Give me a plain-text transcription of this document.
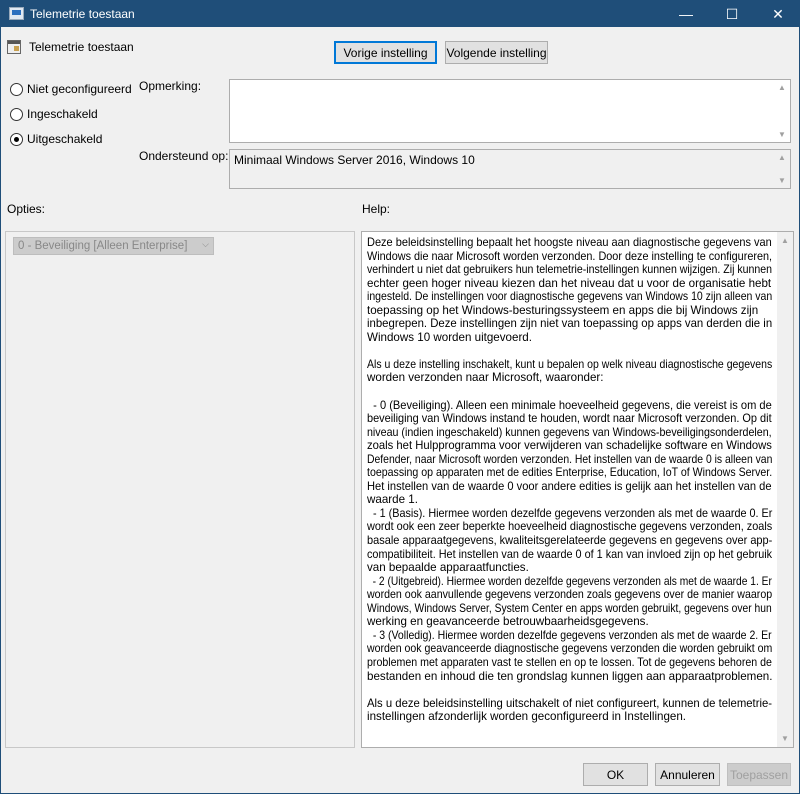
Telemetrie toestaan	—	☐	✕
Telemetrie toestaan	Vorige instelling Volgende instelling
Niet geconfigureerd
Ingeschakeld
Uitgeschakeld
Opmerking:	▲
▼
Ondersteund op: Minimaal Windows Server 2016, Windows 10	▲
▼
Opties:	Help:
0 - Beveiliging [Alleen Enterprise] ⌵	Deze beleidsinstelling bepaalt het hoogste niveau aan diagnostische gegevens van
Windows die naar Microsoft worden verzonden. Door deze instelling te configureren,
verhindert u niet dat gebruikers hun telemetrie-instellingen kunnen wijzigen. Zij kunnen
echter geen hoger niveau kiezen dan het niveau dat u voor de organisatie hebt
ingesteld. De instellingen voor diagnostische gegevens van Windows 10 zijn alleen van
toepassing op het Windows-besturingssysteem en apps die bij Windows zijn
inbegrepen. Deze instellingen zijn niet van toepassing op apps van derden die in
Windows 10 worden uitgevoerd.
Als u deze instelling inschakelt, kunt u bepalen op welk niveau diagnostische gegevens
worden verzonden naar Microsoft, waaronder:
- 0 (Beveiliging). Alleen een minimale hoeveelheid gegevens, die vereist is om de
beveiliging van Windows instand te houden, wordt naar Microsoft verzonden. Op dit
niveau (indien ingeschakeld) kunnen gegevens van Windows-beveiligingsonderdelen,
zoals het Hulpprogramma voor verwijderen van schadelijke software en Windows
Defender, naar Microsoft worden verzonden. Het instellen van de waarde 0 is alleen van
toepassing op apparaten met de edities Enterprise, Education, IoT of Windows Server.
Het instellen van de waarde 0 voor andere edities is gelijk aan het instellen van de
waarde 1.
- 1 (Basis). Hiermee worden dezelfde gegevens verzonden als met de waarde 0. Er
wordt ook een zeer beperkte hoeveelheid diagnostische gegevens verzonden, zoals
basale apparaatgegevens, kwaliteitsgerelateerde gegevens en gegevens over app-
compatibiliteit. Het instellen van de waarde 0 of 1 kan van invloed zijn op het gebruik
van bepaalde apparaatfuncties.
- 2 (Uitgebreid). Hiermee worden dezelfde gegevens verzonden als met de waarde 1. Er
worden ook aanvullende gegevens verzonden zoals gegevens over de manier waarop
Windows, Windows Server, System Center en apps worden gebruikt, gegevens over hun
werking en geavanceerde betrouwbaarheidsgegevens.
- 3 (Volledig). Hiermee worden dezelfde gegevens verzonden als met de waarde 2. Er
worden ook geavanceerde diagnostische gegevens verzonden die worden gebruikt om
problemen met apparaten vast te stellen en op te lossen. Tot de gegevens behoren de
bestanden en inhoud die ten grondslag kunnen liggen aan apparaatproblemen.
Als u deze beleidsinstelling uitschakelt of niet configureert, kunnen de telemetrie-
instellingen afzonderlijk worden geconfigureerd in Instellingen.
▲
▼
OK	Annuleren Toepassen
